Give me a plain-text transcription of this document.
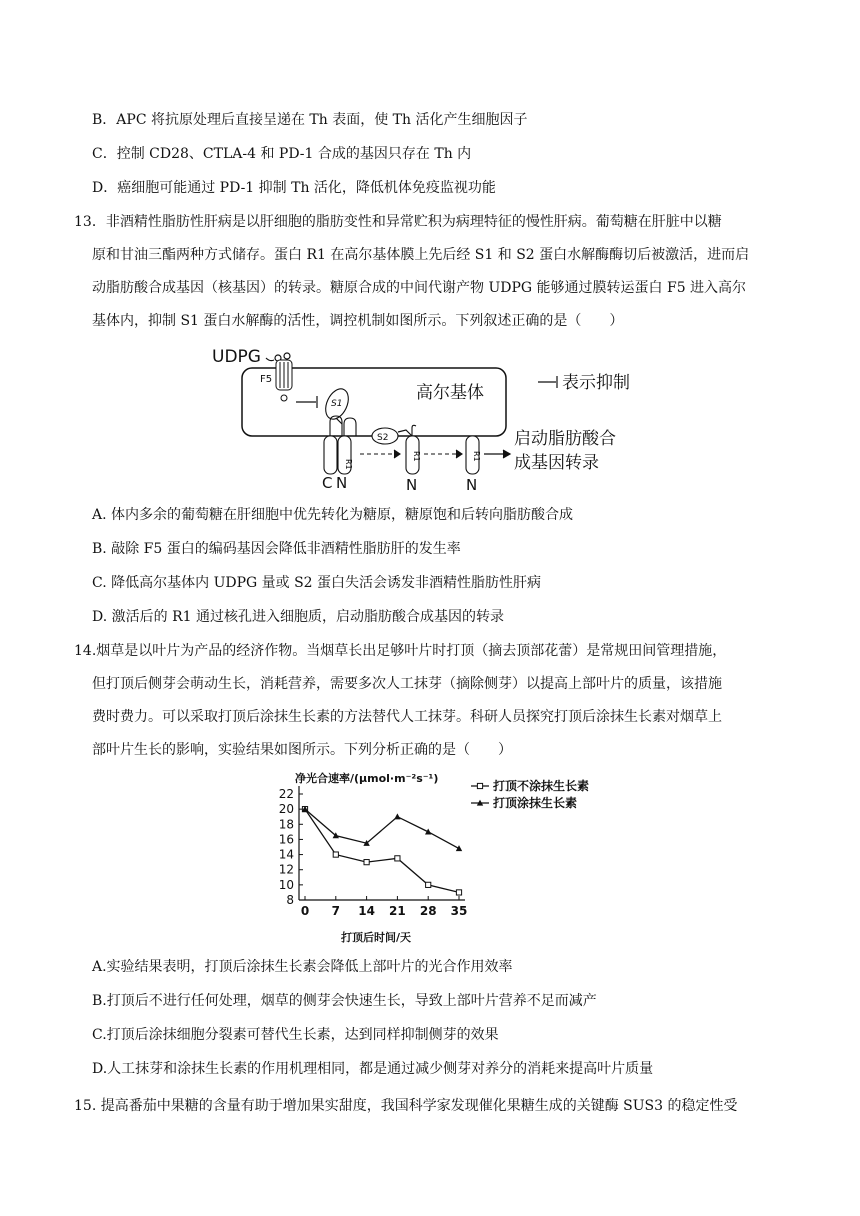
B．APC 将抗原处理后直接呈递在 Th 表面，使 Th 活化产生细胞因子
C．控制 CD28、CTLA-4 和 PD-1 合成的基因只存在 Th 内
D．癌细胞可能通过 PD-1 抑制 Th 活化，降低机体免疫监视功能
13．非酒精性脂肪性肝病是以肝细胞的脂肪变性和异常贮积为病理特征的慢性肝病。葡萄糖在肝脏中以糖
原和甘油三酯两种方式储存。蛋白 R1 在高尔基体膜上先后经 S1 和 S2 蛋白水解酶酶切后被激活，进而启
动脂肪酸合成基因（核基因）的转录。糖原合成的中间代谢产物 UDPG 能够通过膜转运蛋白 F5 进入高尔
基体内，抑制 S1 蛋白水解酶的活性，调控机制如图所示。下列叙述正确的是（　　）
UDPG
高尔基体
F5
S1
R1
C N
S2
R1
N
R1
N
启动脂肪酸合
成基因转录
表示抑制
A. 体内多余的葡萄糖在肝细胞中优先转化为糖原，糖原饱和后转向脂肪酸合成
B. 敲除 F5 蛋白的编码基因会降低非酒精性脂肪肝的发生率
C. 降低高尔基体内 UDPG 量或 S2 蛋白失活会诱发非酒精性脂肪性肝病
D. 激活后的 R1 通过核孔进入细胞质，启动脂肪酸合成基因的转录
14.烟草是以叶片为产品的经济作物。当烟草长出足够叶片时打顶（摘去顶部花蕾）是常规田间管理措施，
但打顶后侧芽会萌动生长，消耗营养，需要多次人工抹芽（摘除侧芽）以提高上部叶片的质量，该措施
费时费力。可以采取打顶后涂抹生长素的方法替代人工抹芽。科研人员探究打顶后涂抹生长素对烟草上
部叶片生长的影响，实验结果如图所示。下列分析正确的是（　　）
净光合速率/(μmol·m⁻²s⁻¹)
打顶后时间/天
8
10
12
14
16
18
20
22
0 7 14 21 28 35
打顶不涂抹生长素
打顶涂抹生长素
A.实验结果表明，打顶后涂抹生长素会降低上部叶片的光合作用效率
B.打顶后不进行任何处理，烟草的侧芽会快速生长，导致上部叶片营养不足而减产
C.打顶后涂抹细胞分裂素可替代生长素，达到同样抑制侧芽的效果
D.人工抹芽和涂抹生长素的作用机理相同，都是通过减少侧芽对养分的消耗来提高叶片质量
15. 提高番茄中果糖的含量有助于增加果实甜度，我国科学家发现催化果糖生成的关键酶 SUS3 的稳定性受
